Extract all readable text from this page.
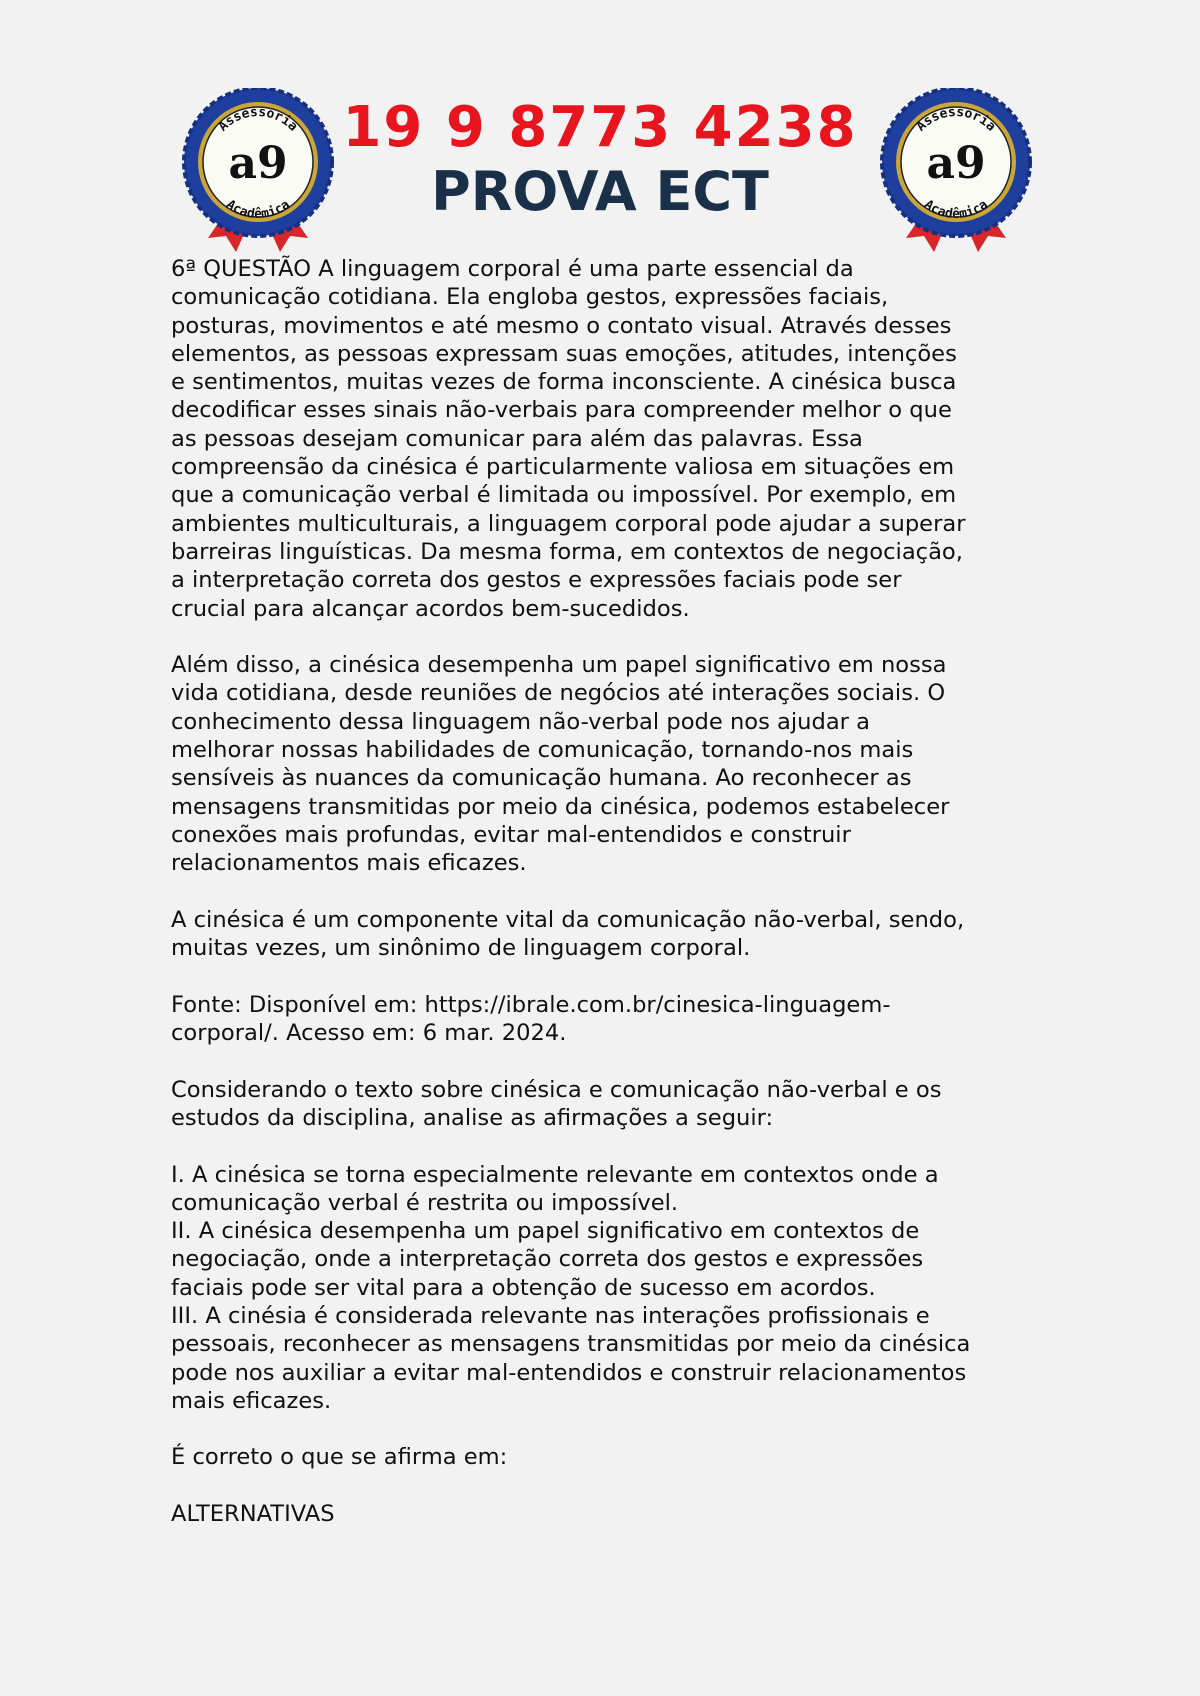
Assessoria
Acadêmica
a9
Assessoria
Acadêmica
a9
19 9 8773 4238
PROVA ECT

6ª QUESTÃO A linguagem corporal é uma parte essencial da
comunicação cotidiana. Ela engloba gestos, expressões faciais,
posturas, movimentos e até mesmo o contato visual. Através desses
elementos, as pessoas expressam suas emoções, atitudes, intenções
e sentimentos, muitas vezes de forma inconsciente. A cinésica busca
decodificar esses sinais não-verbais para compreender melhor o que
as pessoas desejam comunicar para além das palavras. Essa
compreensão da cinésica é particularmente valiosa em situações em
que a comunicação verbal é limitada ou impossível. Por exemplo, em
ambientes multiculturais, a linguagem corporal pode ajudar a superar
barreiras linguísticas. Da mesma forma, em contextos de negociação,
a interpretação correta dos gestos e expressões faciais pode ser
crucial para alcançar acordos bem-sucedidos.

Além disso, a cinésica desempenha um papel significativo em nossa
vida cotidiana, desde reuniões de negócios até interações sociais. O
conhecimento dessa linguagem não-verbal pode nos ajudar a
melhorar nossas habilidades de comunicação, tornando-nos mais
sensíveis às nuances da comunicação humana. Ao reconhecer as
mensagens transmitidas por meio da cinésica, podemos estabelecer
conexões mais profundas, evitar mal-entendidos e construir
relacionamentos mais eficazes.

A cinésica é um componente vital da comunicação não-verbal, sendo,
muitas vezes, um sinônimo de linguagem corporal.

Fonte: Disponível em: https://ibrale.com.br/cinesica-linguagem-
corporal/. Acesso em: 6 mar. 2024.

Considerando o texto sobre cinésica e comunicação não-verbal e os
estudos da disciplina, analise as afirmações a seguir:

I. A cinésica se torna especialmente relevante em contextos onde a
comunicação verbal é restrita ou impossível.
II. A cinésica desempenha um papel significativo em contextos de
negociação, onde a interpretação correta dos gestos e expressões
faciais pode ser vital para a obtenção de sucesso em acordos.
III. A cinésia é considerada relevante nas interações profissionais e
pessoais, reconhecer as mensagens transmitidas por meio da cinésica
pode nos auxiliar a evitar mal-entendidos e construir relacionamentos
mais eficazes.

É correto o que se afirma em:

ALTERNATIVAS
